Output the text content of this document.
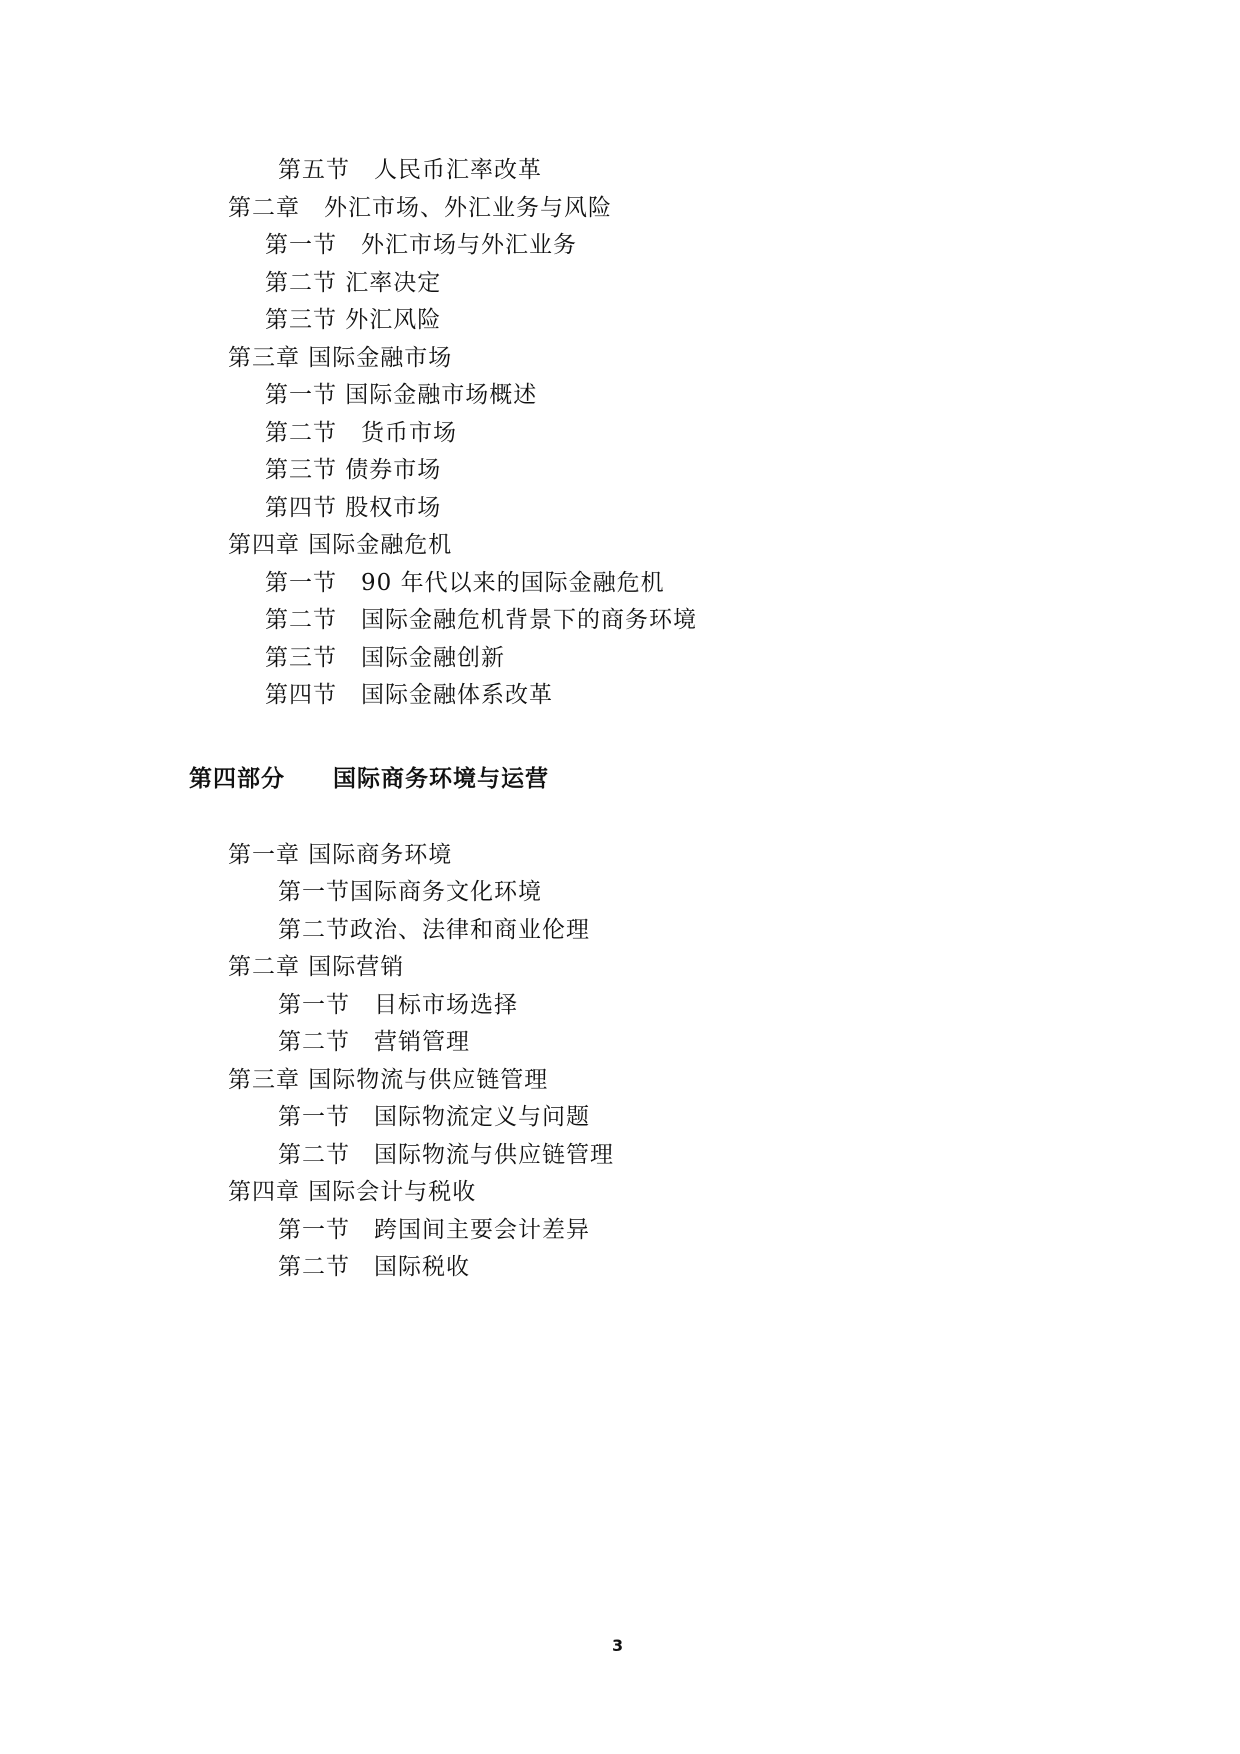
第五节　人民币汇率改革
第二章　外汇市场、外汇业务与风险
第一节　外汇市场与外汇业务
第二节 汇率决定
第三节 外汇风险
第三章 国际金融市场
第一节 国际金融市场概述
第二节　货币市场
第三节 债券市场
第四节 股权市场
第四章 国际金融危机
第一节　90 年代以来的国际金融危机
第二节　国际金融危机背景下的商务环境
第三节　国际金融创新
第四节　国际金融体系改革
第四部分　　国际商务环境与运营
第一章 国际商务环境
第一节国际商务文化环境
第二节政治、法律和商业伦理
第二章 国际营销
第一节　目标市场选择
第二节　营销管理
第三章 国际物流与供应链管理
第一节　国际物流定义与问题
第二节　国际物流与供应链管理
第四章 国际会计与税收
第一节　跨国间主要会计差异
第二节　国际税收
3
